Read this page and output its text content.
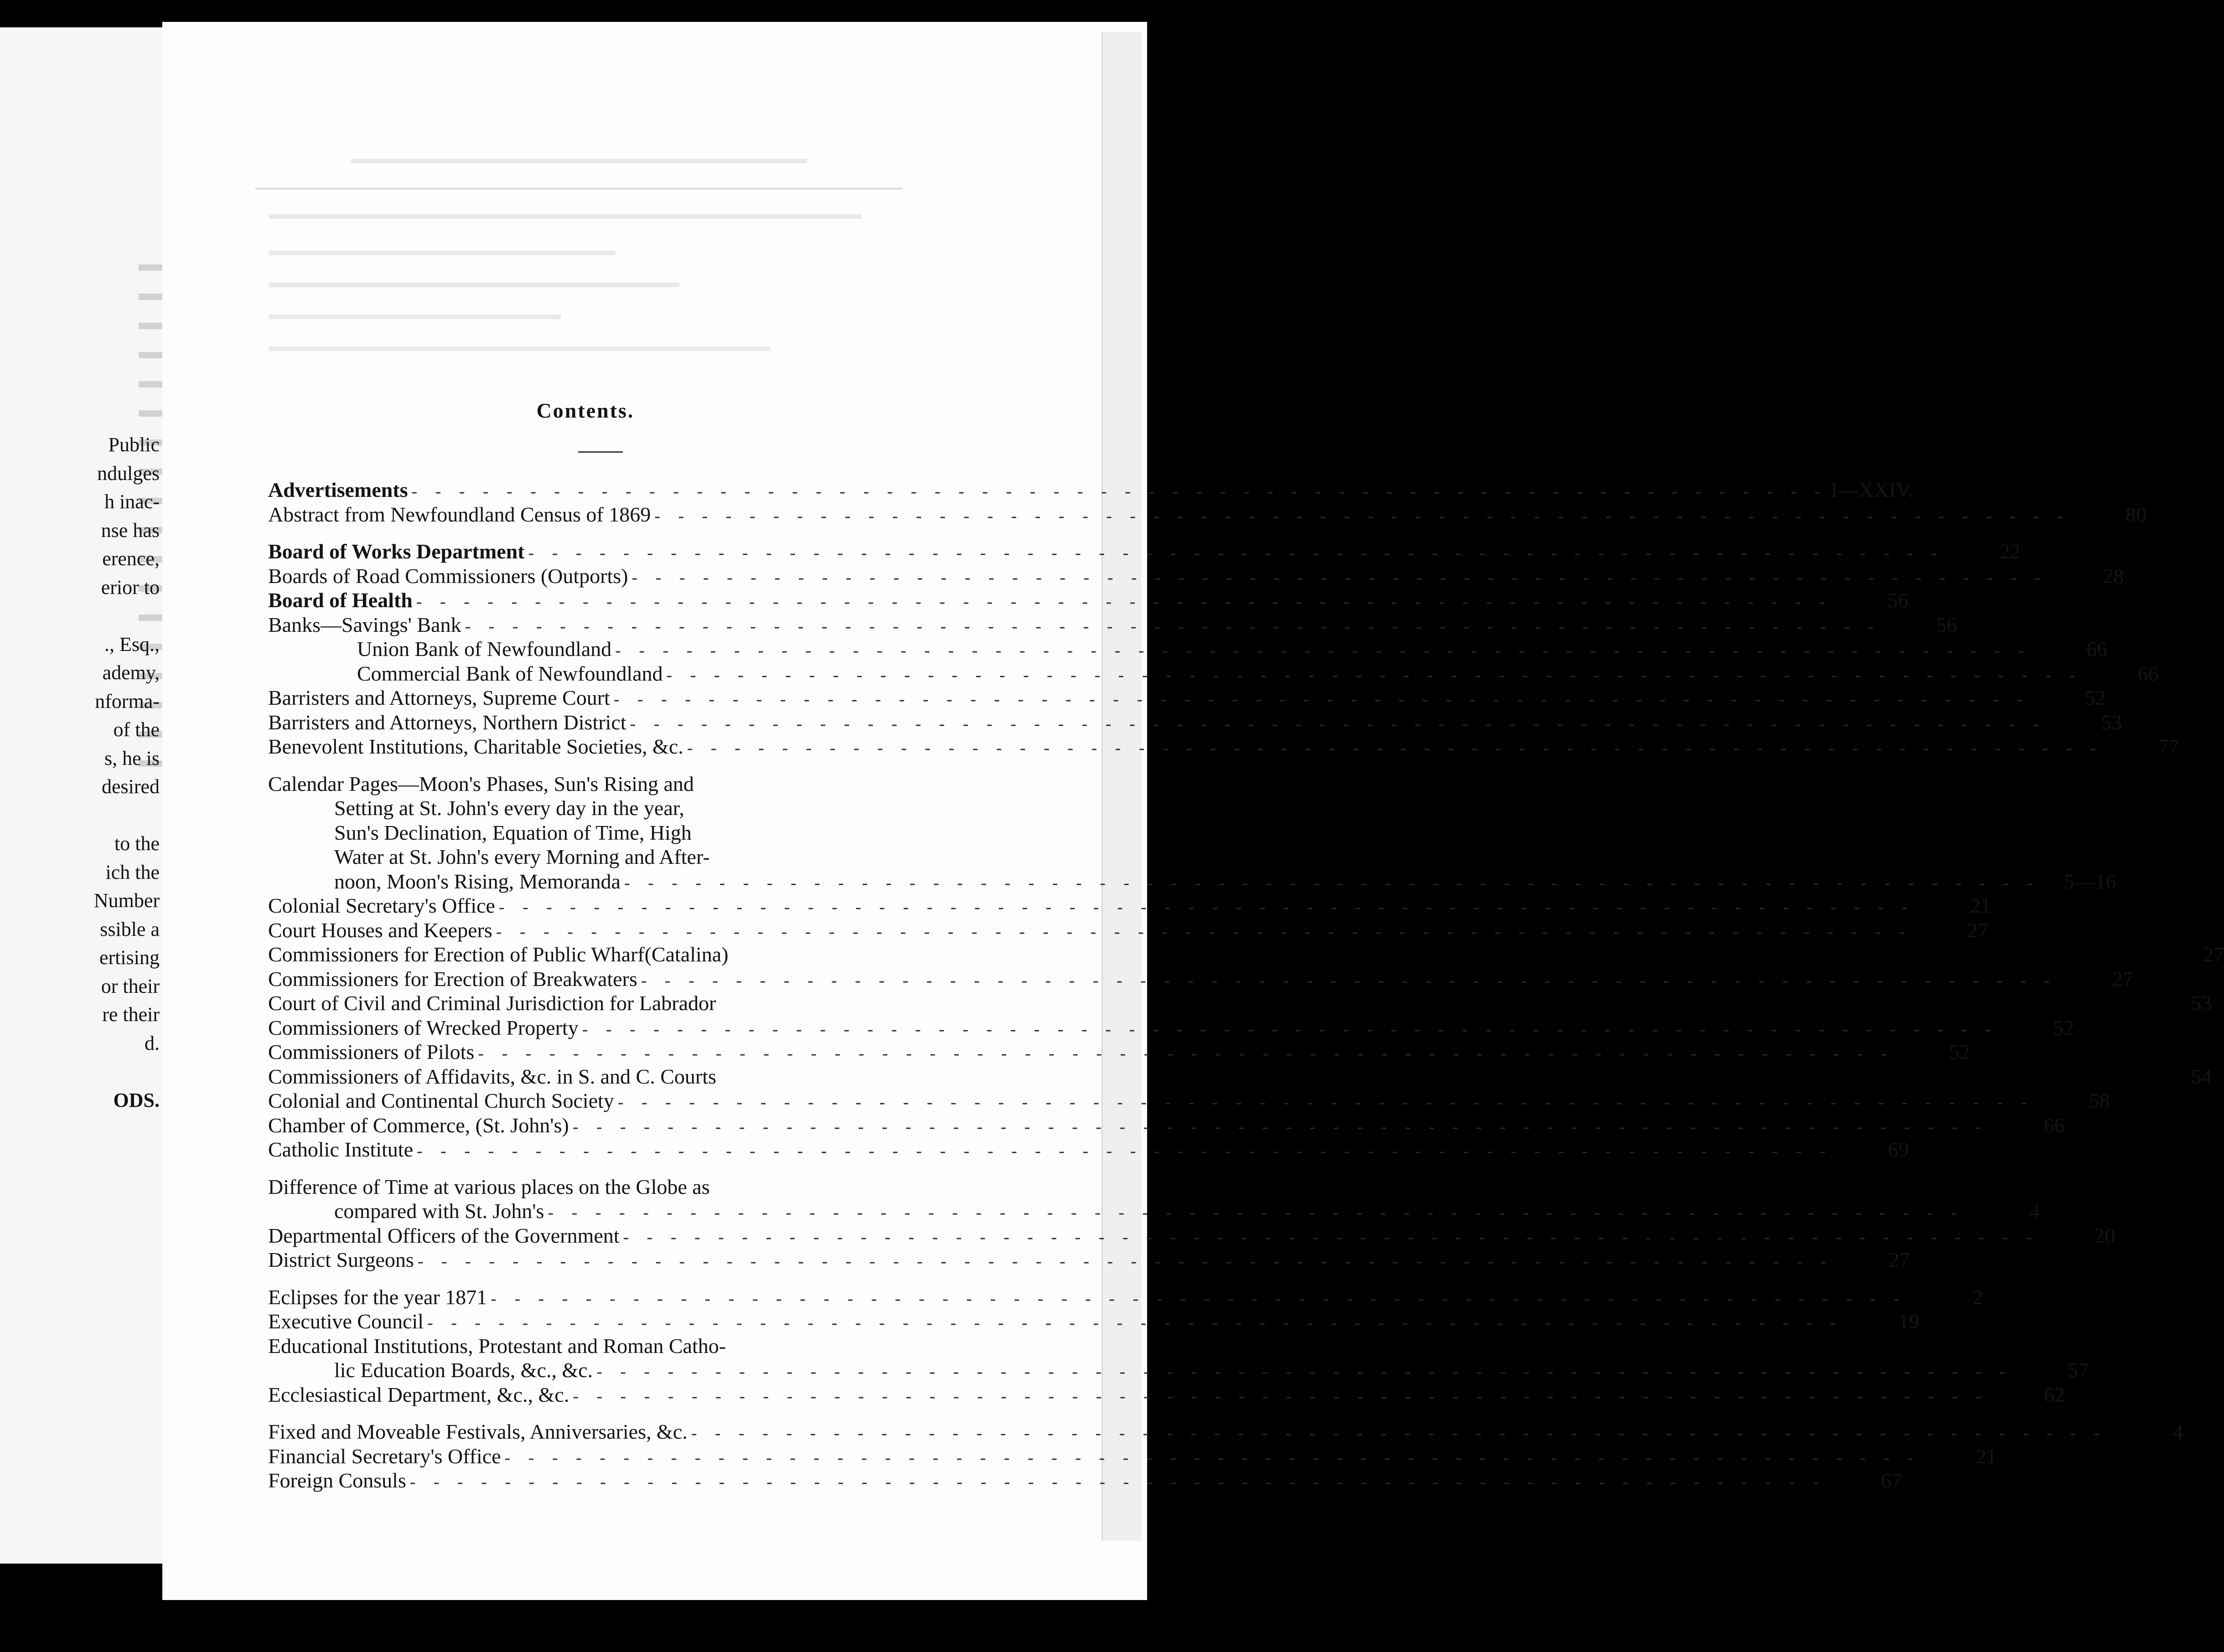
Public
ndulges
h inac-
nse has
erence,
erior to

., Esq.,
ademy,
nforma-
of the
s, he is
desired

to the
ich the
Number
ssible a
ertising
or their
re their
d.

ODS.
Contents.
Advertisements - - - - - - - - - - - - - - - - - - - - - - - - - - - - - - - - - - - - - - - - - - - - - - - - - - - - - - - - - - - - I—XXIV.
Abstract from Newfoundland Census of 1869 - - - - - - - - - - - - - - - - - - - - - - - - - - - - - - - - - - - - - - - - - - - - - - - - - - - - - - - - - - - -	80
Board of Works Department - - - - - - - - - - - - - - - - - - - - - - - - - - - - - - - - - - - - - - - - - - - - - - - - - - - - - - - - - - - -	22
Boards of Road Commissioners (Outports) - - - - - - - - - - - - - - - - - - - - - - - - - - - - - - - - - - - - - - - - - - - - - - - - - - - - - - - - - - - -	28
Board of Health - - - - - - - - - - - - - - - - - - - - - - - - - - - - - - - - - - - - - - - - - - - - - - - - - - - - - - - - - - - -	56
Banks—Savings' Bank - - - - - - - - - - - - - - - - - - - - - - - - - - - - - - - - - - - - - - - - - - - - - - - - - - - - - - - - - - - -	56
Union Bank of Newfoundland - - - - - - - - - - - - - - - - - - - - - - - - - - - - - - - - - - - - - - - - - - - - - - - - - - - - - - - - - - - -	66
Commercial Bank of Newfoundland - - - - - - - - - - - - - - - - - - - - - - - - - - - - - - - - - - - - - - - - - - - - - - - - - - - - - - - - - - - -	66
Barristers and Attorneys, Supreme Court - - - - - - - - - - - - - - - - - - - - - - - - - - - - - - - - - - - - - - - - - - - - - - - - - - - - - - - - - - - -	52
Barristers and Attorneys, Northern District - - - - - - - - - - - - - - - - - - - - - - - - - - - - - - - - - - - - - - - - - - - - - - - - - - - - - - - - - - - -	53
Benevolent Institutions, Charitable Societies, &c. - - - - - - - - - - - - - - - - - - - - - - - - - - - - - - - - - - - - - - - - - - - - - - - - - - - - - - - - - - - -	77
Calendar Pages—Moon's Phases, Sun's Rising and
Setting at St. John's every day in the year,
Sun's Declination, Equation of Time, High
Water at St. John's every Morning and After-
noon, Moon's Rising, Memoranda - - - - - - - - - - - - - - - - - - - - - - - - - - - - - - - - - - - - - - - - - - - - - - - - - - - - - - - - - - - -	5—16
Colonial Secretary's Office - - - - - - - - - - - - - - - - - - - - - - - - - - - - - - - - - - - - - - - - - - - - - - - - - - - - - - - - - - - -	21
Court Houses and Keepers - - - - - - - - - - - - - - - - - - - - - - - - - - - - - - - - - - - - - - - - - - - - - - - - - - - - - - - - - - - -	27
Commissioners for Erection of Public Wharf(Catalina)	27
Commissioners for Erection of Breakwaters - - - - - - - - - - - - - - - - - - - - - - - - - - - - - - - - - - - - - - - - - - - - - - - - - - - - - - - - - - - -	27
Court of Civil and Criminal Jurisdiction for Labrador	53
Commissioners of Wrecked Property - - - - - - - - - - - - - - - - - - - - - - - - - - - - - - - - - - - - - - - - - - - - - - - - - - - - - - - - - - - -	52
Commissioners of Pilots - - - - - - - - - - - - - - - - - - - - - - - - - - - - - - - - - - - - - - - - - - - - - - - - - - - - - - - - - - - -	52
Commissioners of Affidavits, &c. in S. and C. Courts	54
Colonial and Continental Church Society - - - - - - - - - - - - - - - - - - - - - - - - - - - - - - - - - - - - - - - - - - - - - - - - - - - - - - - - - - - -	58
Chamber of Commerce, (St. John's) - - - - - - - - - - - - - - - - - - - - - - - - - - - - - - - - - - - - - - - - - - - - - - - - - - - - - - - - - - - -	66
Catholic Institute - - - - - - - - - - - - - - - - - - - - - - - - - - - - - - - - - - - - - - - - - - - - - - - - - - - - - - - - - - - -	69
Difference of Time at various places on the Globe as
compared with St. John's - - - - - - - - - - - - - - - - - - - - - - - - - - - - - - - - - - - - - - - - - - - - - - - - - - - - - - - - - - - -	4
Departmental Officers of the Government - - - - - - - - - - - - - - - - - - - - - - - - - - - - - - - - - - - - - - - - - - - - - - - - - - - - - - - - - - - -	20
District Surgeons - - - - - - - - - - - - - - - - - - - - - - - - - - - - - - - - - - - - - - - - - - - - - - - - - - - - - - - - - - - -	27
Eclipses for the year 1871 - - - - - - - - - - - - - - - - - - - - - - - - - - - - - - - - - - - - - - - - - - - - - - - - - - - - - - - - - - - -	2
Executive Council - - - - - - - - - - - - - - - - - - - - - - - - - - - - - - - - - - - - - - - - - - - - - - - - - - - - - - - - - - - -	19
Educational Institutions, Protestant and Roman Catho-
lic Education Boards, &c., &c. - - - - - - - - - - - - - - - - - - - - - - - - - - - - - - - - - - - - - - - - - - - - - - - - - - - - - - - - - - - -	57
Ecclesiastical Department, &c., &c. - - - - - - - - - - - - - - - - - - - - - - - - - - - - - - - - - - - - - - - - - - - - - - - - - - - - - - - - - - - -	62
Fixed and Moveable Festivals, Anniversaries, &c. - - - - - - - - - - - - - - - - - - - - - - - - - - - - - - - - - - - - - - - - - - - - - - - - - - - - - - - - - - - -	4
Financial Secretary's Office - - - - - - - - - - - - - - - - - - - - - - - - - - - - - - - - - - - - - - - - - - - - - - - - - - - - - - - - - - - -	21
Foreign Consuls - - - - - - - - - - - - - - - - - - - - - - - - - - - - - - - - - - - - - - - - - - - - - - - - - - - - - - - - - - - -	67
